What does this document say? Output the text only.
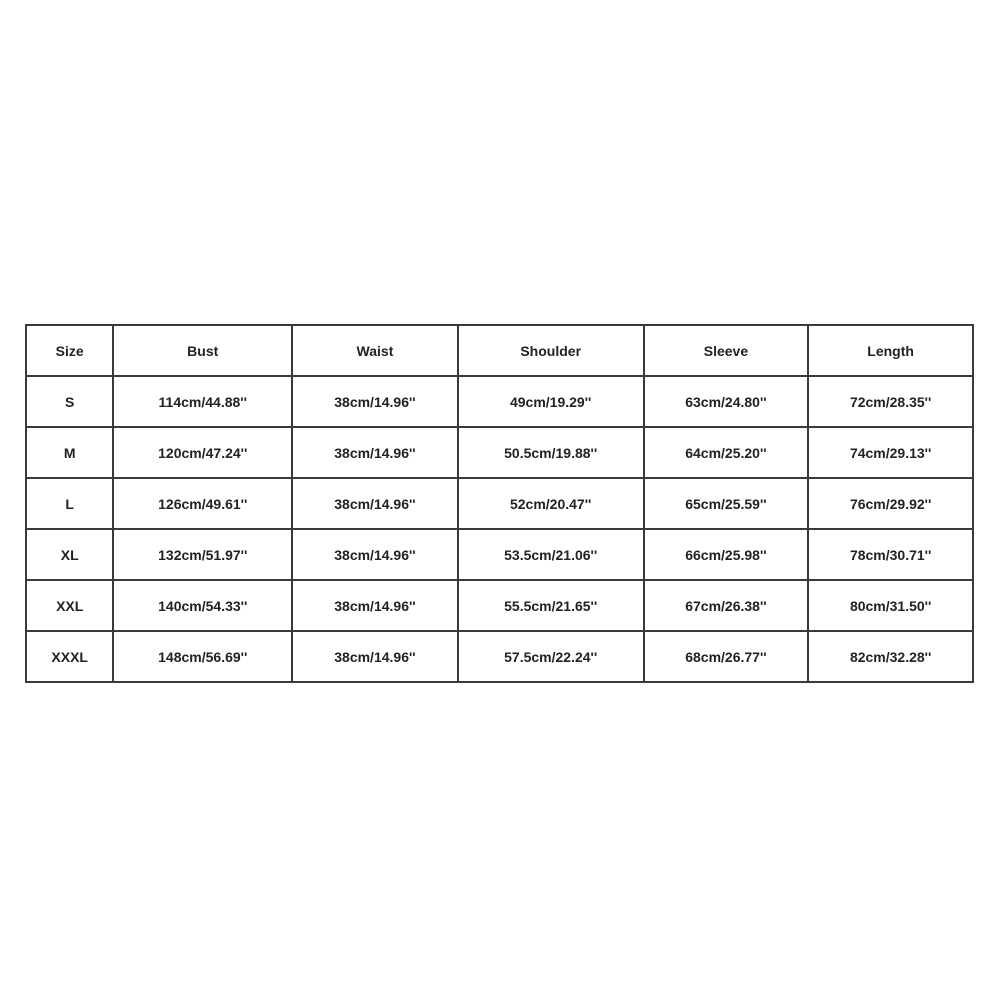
Size	Bust	Waist	Shoulder	Sleeve	Length
S	114cm/44.88''	38cm/14.96''	49cm/19.29''	63cm/24.80''	72cm/28.35''
M	120cm/47.24''	38cm/14.96''	50.5cm/19.88''	64cm/25.20''	74cm/29.13''
L	126cm/49.61''	38cm/14.96''	52cm/20.47''	65cm/25.59''	76cm/29.92''
XL	132cm/51.97''	38cm/14.96''	53.5cm/21.06''	66cm/25.98''	78cm/30.71''
XXL	140cm/54.33''	38cm/14.96''	55.5cm/21.65''	67cm/26.38''	80cm/31.50''
XXXL	148cm/56.69''	38cm/14.96''	57.5cm/22.24''	68cm/26.77''	82cm/32.28''
